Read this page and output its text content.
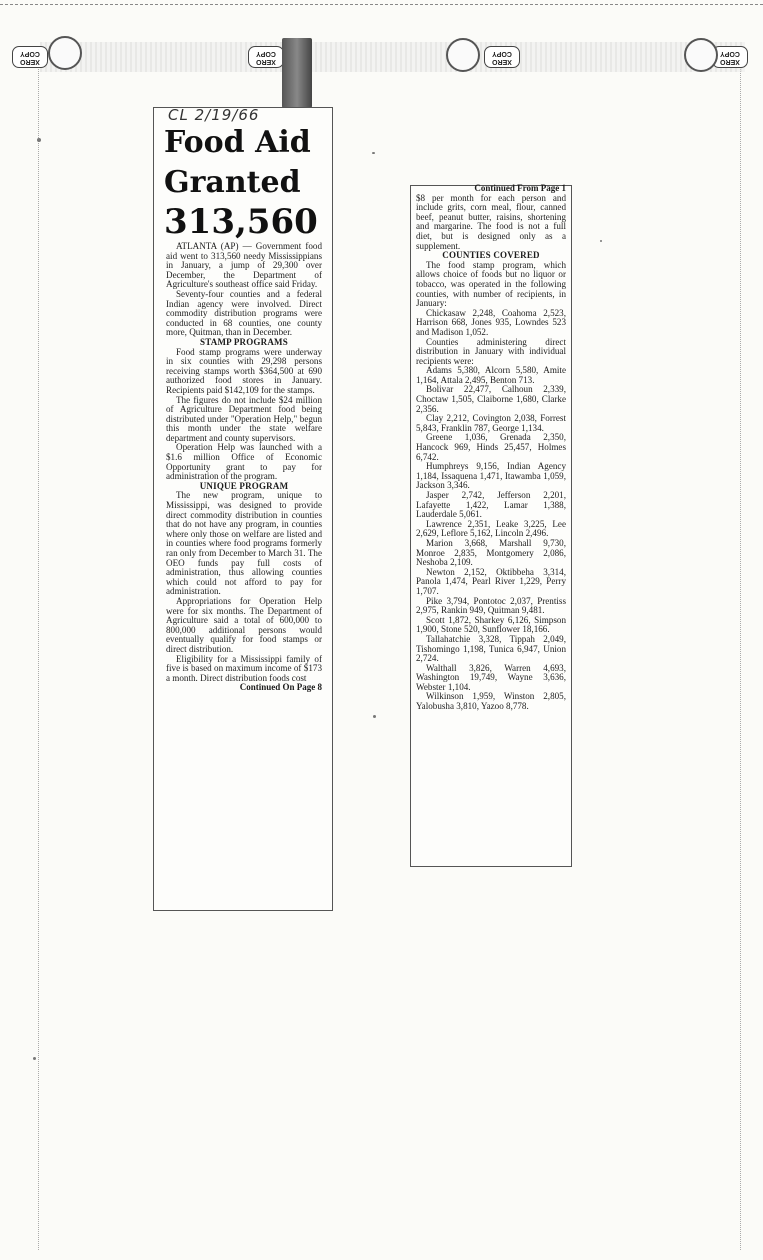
XERO
COPY
XERO
COPY
XERO
COPY
XERO
COPY
CL 2/19/66
Food Aid
Granted
313,560

ATLANTA (AP) — Government food aid went to 313,560 needy Mississippians in January, a jump of 29,300 over December, the Department of Agriculture's southeast office said Friday.

Seventy-four counties and a federal Indian agency were involved. Direct commodity distribution programs were conducted in 68 counties, one county more, Quitman, than in December.

STAMP PROGRAMS

Food stamp programs were underway in six counties with 29,298 persons receiving stamps worth $364,500 at 690 authorized food stores in January. Recipients paid $142,109 for the stamps.

The figures do not include $24 million of Agriculture Department food being distributed under "Operation Help," begun this month under the state welfare department and county supervisors.

Operation Help was launched with a $1.6 million Office of Economic Opportunity grant to pay for administration of the program.

UNIQUE PROGRAM

The new program, unique to Mississippi, was designed to provide direct commodity distribution in counties that do not have any program, in counties where only those on welfare are listed and in counties where food programs formerly ran only from December to March 31. The OEO funds pay full costs of administration, thus allowing counties which could not afford to pay for administration.

Appropriations for Operation Help were for six months. The Department of Agriculture said a total of 600,000 to 800,000 additional persons would eventually qualify for food stamps or direct distribution.

Eligibility for a Mississippi family of five is based on maximum income of $173 a month. Direct distribution foods cost

Continued On Page 8

Continued From Page 1

$8 per month for each person and include grits, corn meal, flour, canned beef, peanut butter, raisins, shortening and margarine. The food is not a full diet, but is designed only as a supplement.

COUNTIES COVERED

The food stamp program, which allows choice of foods but no liquor or tobacco, was operated in the following counties, with number of recipients, in January:

Chickasaw 2,248, Coahoma 2,523, Harrison 668, Jones 935, Lowndes 523 and Madison 1,052.

Counties administering direct distribution in January with individual recipients were:

Adams 5,380, Alcorn 5,580, Amite 1,164, Attala 2,495, Benton 713.

Bolivar 22,477, Calhoun 2,339, Choctaw 1,505, Claiborne 1,680, Clarke 2,356.

Clay 2,212, Covington 2,038, Forrest 5,843, Franklin 787, George 1,134.

Greene 1,036, Grenada 2,350, Hancock 969, Hinds 25,457, Holmes 6,742.

Humphreys 9,156, Indian Agency 1,184, Issaquena 1,471, Itawamba 1,059, Jackson 3,346.

Jasper 2,742, Jefferson 2,201, Lafayette 1,422, Lamar 1,388, Lauderdale 5,061.

Lawrence 2,351, Leake 3,225, Lee 2,629, Leflore 5,162, Lincoln 2,496.

Marion 3,668, Marshall 9,730, Monroe 2,835, Montgomery 2,086, Neshoba 2,109.

Newton 2,152, Oktibbeha 3,314, Panola 1,474, Pearl River 1,229, Perry 1,707.

Pike 3,794, Pontotoc 2,037, Prentiss 2,975, Rankin 949, Quitman 9,481.

Scott 1,872, Sharkey 6,126, Simpson 1,900, Stone 520, Sunflower 18,166.

Tallahatchie 3,328, Tippah 2,049, Tishomingo 1,198, Tunica 6,947, Union 2,724.

Walthall 3,826, Warren 4,693, Washington 19,749, Wayne 3,636, Webster 1,104.

Wilkinson 1,959, Winston 2,805, Yalobusha 3,810, Yazoo 8,778.
